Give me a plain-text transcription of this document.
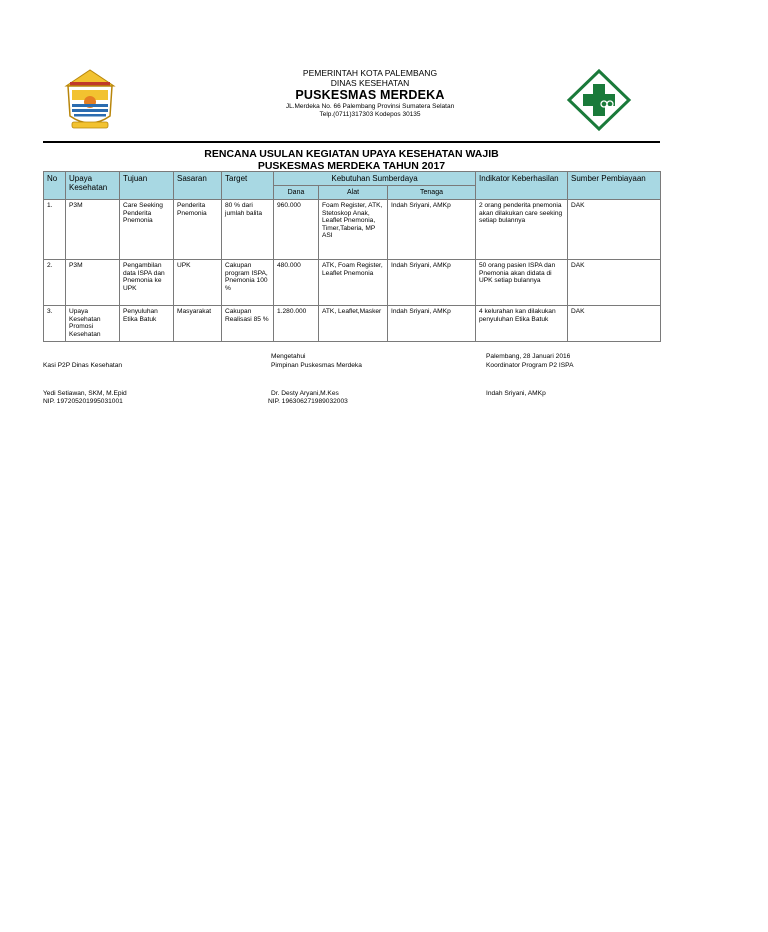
PEMERINTAH KOTA PALEMBANG
DINAS KESEHATAN
PUSKESMAS MERDEKA
JL.Merdeka No. 66 Palembang Provinsi Sumatera Selatan
Telp.(0711)317303 Kodepos 30135
RENCANA USULAN KEGIATAN UPAYA KESEHATAN WAJIB
PUSKESMAS MERDEKA TAHUN 2017
No	Upaya Kesehatan	Tujuan	Sasaran	Target	Kebutuhan Sumberdaya			Indikator Keberhasilan	Sumber Pembiayaan
					Dana	Alat	Tenaga		
1.	P3M	Care Seeking Penderita Pnemonia	Penderita Pnemonia	80 % dari jumlah balita	960.000	Foam Register, ATK, Stetoskop Anak, Leaflet Pnemonia, Timer,Taberia, MP ASI	Indah Sriyani, AMKp	2 orang penderita pnemonia akan dilakukan care seeking setiap bulannya	DAK
2.	P3M	Pengambilan data ISPA dan Pnemonia ke UPK	UPK	Cakupan program ISPA, Pnemonia 100 %	480.000	ATK, Foam Register, Leaflet Pnemonia	Indah Sriyani, AMKp	50 orang pasien ISPA dan Pnemonia akan didata di UPK setiap bulannya	DAK
3.	Upaya Kesehatan Promosi Kesehatan	Penyuluhan Etika Batuk	Masyarakat	Cakupan Realisasi 85 %	1.280.000	ATK, Leaflet,Masker	Indah Sriyani, AMKp	4 kelurahan kan dilakukan penyuluhan Etika Batuk	DAK
Kasi P2P Dinas Kesehatan
Yedi Setiawan, SKM, M.Epid
NIP. 197205201995031001
Mengetahui
Pimpinan Puskesmas Merdeka
Dr. Desty Aryani,M.Kes
NIP. 196306271989032003
Palembang, 28 Januari 2016
Koordinator Program P2 ISPA
Indah Sriyani, AMKp
